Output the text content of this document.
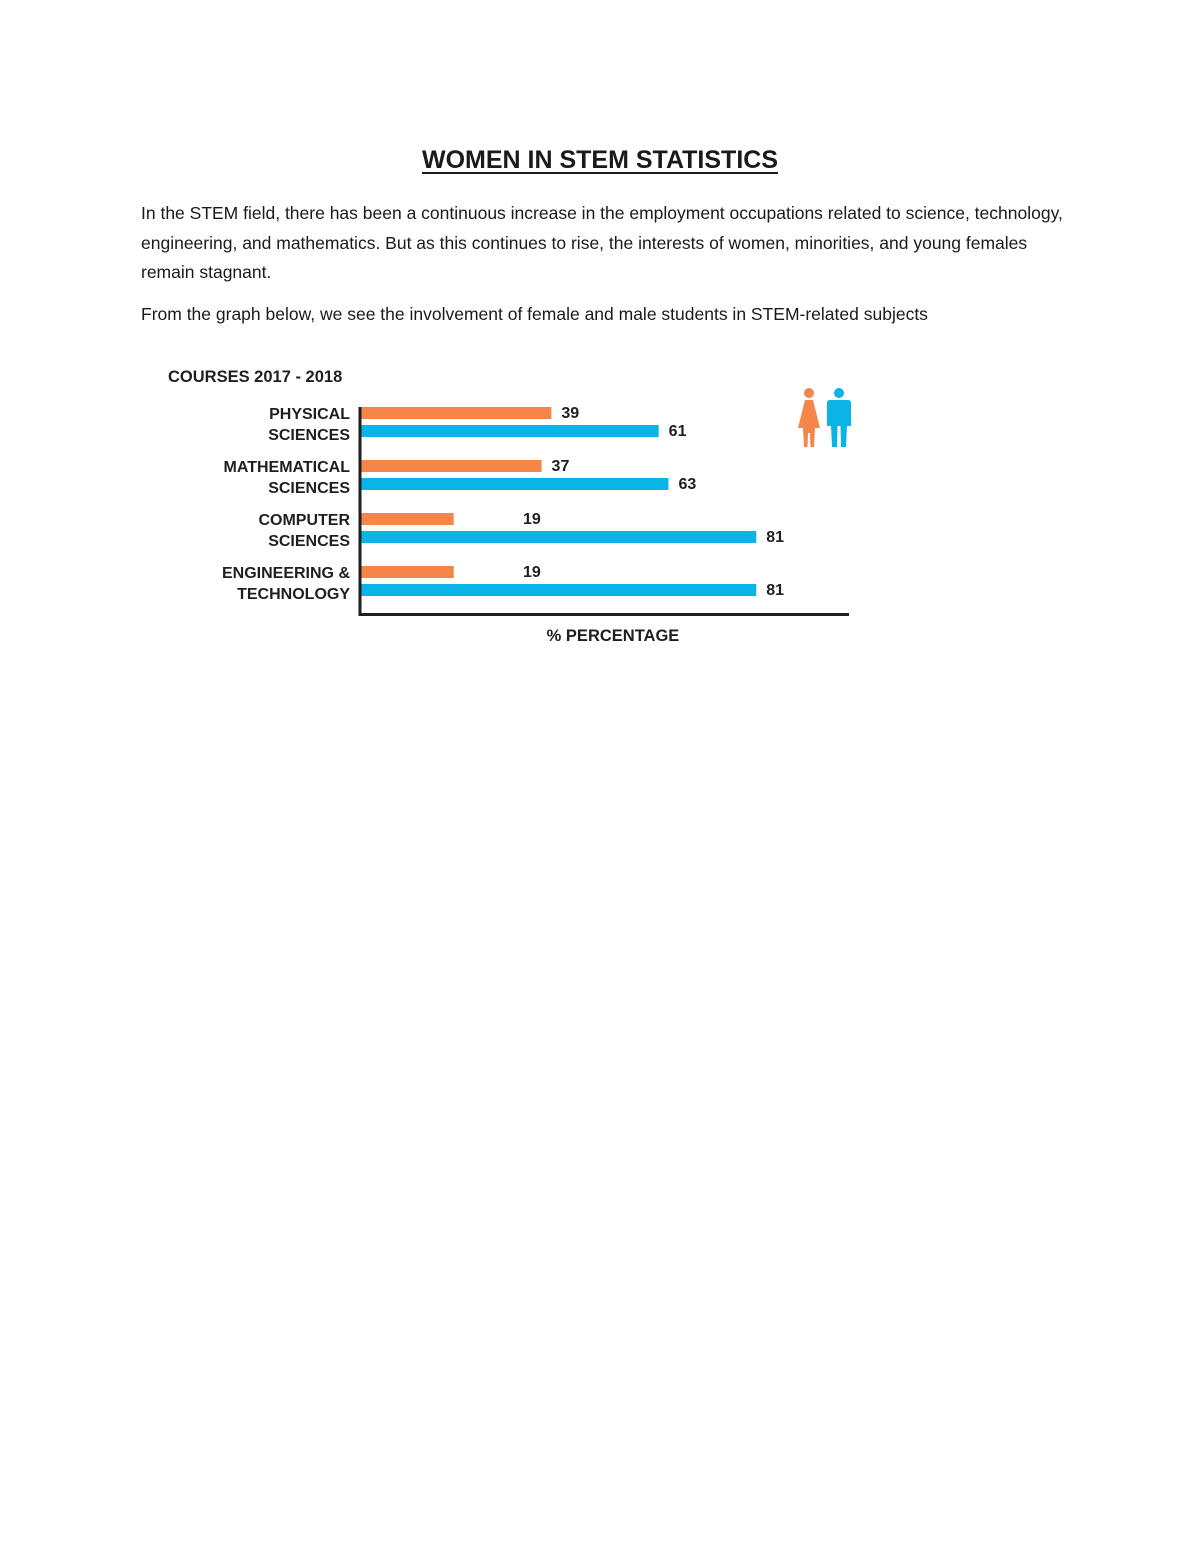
WOMEN IN STEM STATISTICS
In the STEM field, there has been a continuous increase in the employment occupations related to science, technology, engineering, and mathematics. But as this continues to rise, the interests of women, minorities, and young females remain stagnant.
From the graph below, we see the involvement of female and male students in STEM-related subjects
COURSES 2017 - 2018
PHYSICAL
SCIENCES
MATHEMATICAL
SCIENCES
COMPUTER
SCIENCES
ENGINEERING &
TECHNOLOGY
39
61
37
63
19
81
19
81
% PERCENTAGE
